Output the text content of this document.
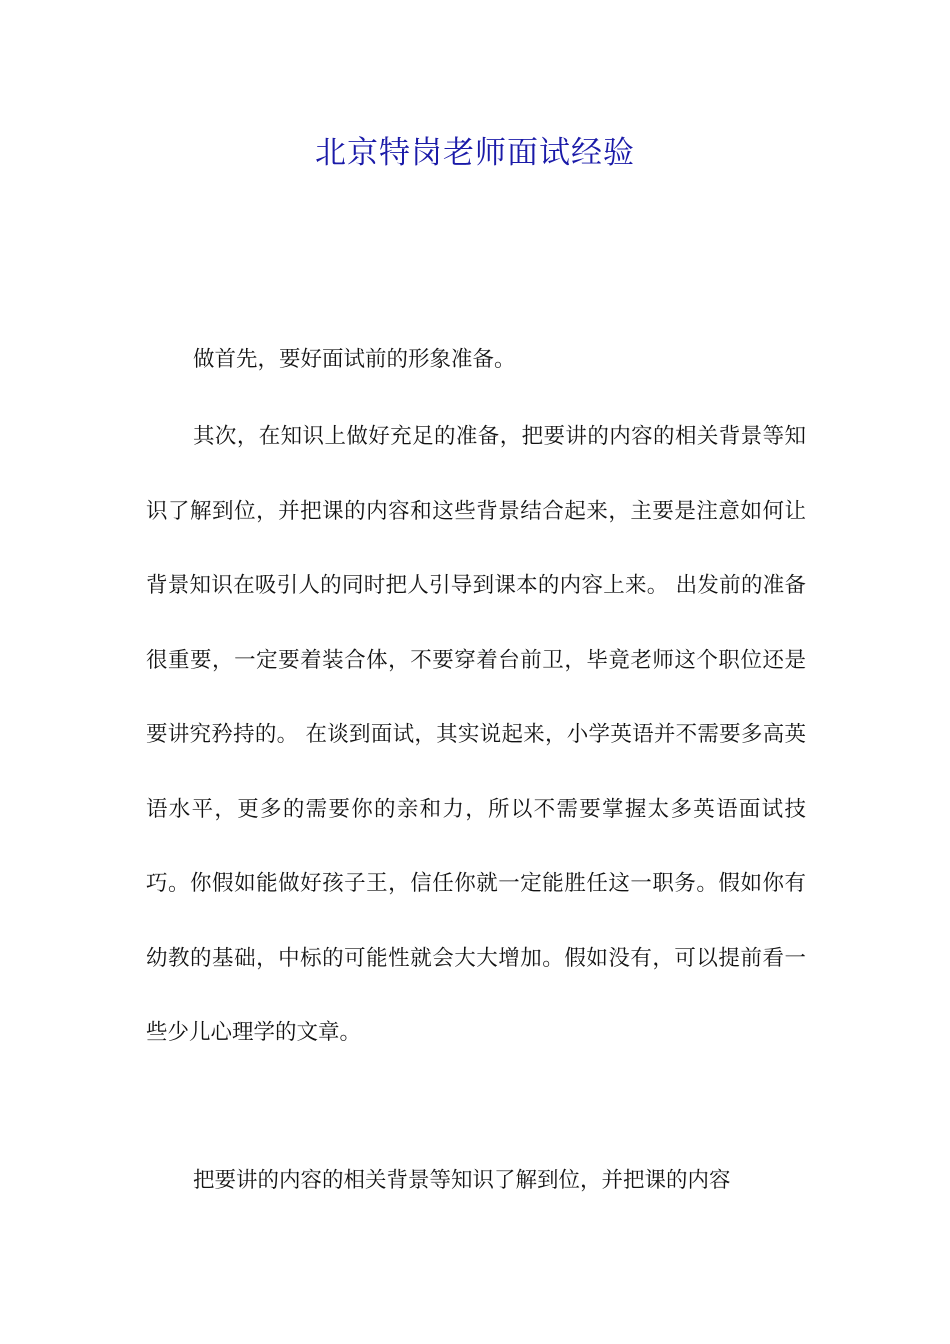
北京特岗老师面试经验

做首先，要好面试前的形象准备。

其次，在知识上做好充足的准备，把要讲的内容的相关背景等知识了解到位，并把课的内容和这些背景结合起来，主要是注意如何让背景知识在吸引人的同时把人引导到课本的内容上来。 出发前的准备很重要，一定要着装合体，不要穿着台前卫，毕竟老师这个职位还是要讲究矜持的。 在谈到面试，其实说起来，小学英语并不需要多高英语水平，更多的需要你的亲和力，所以不需要掌握太多英语面试技巧。你假如能做好孩子王，信任你就一定能胜任这一职务。假如你有幼教的基础，中标的可能性就会大大增加。假如没有，可以提前看一些少儿心理学的文章。

把要讲的内容的相关背景等知识了解到位，并把课的内容
